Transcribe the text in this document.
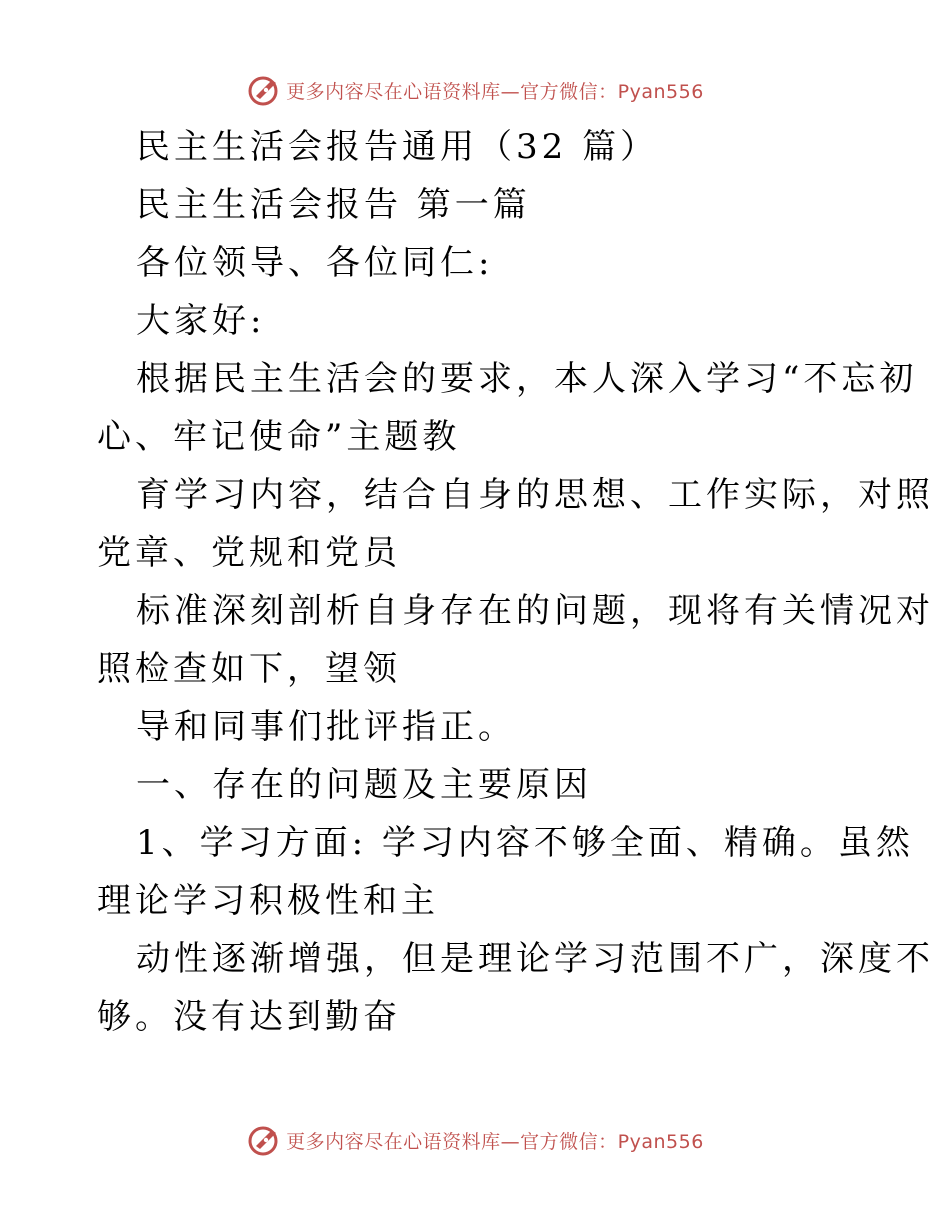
更多内容尽在心语资料库—官方微信：Pyan556

民主生活会报告通用（32 篇）

民主生活会报告 第一篇

各位领导、各位同仁:

大家好:

根据民主生活会的要求，本人深入学习“不忘初

心、牢记使命”主题教

育学习内容，结合自身的思想、工作实际，对照

党章、党规和党员

标准深刻剖析自身存在的问题，现将有关情况对

照检查如下，望领

导和同事们批评指正。

一、存在的问题及主要原因

1、学习方面: 学习内容不够全面、精确。虽然

理论学习积极性和主

动性逐渐增强，但是理论学习范围不广，深度不

够。没有达到勤奋

更多内容尽在心语资料库—官方微信：Pyan556
